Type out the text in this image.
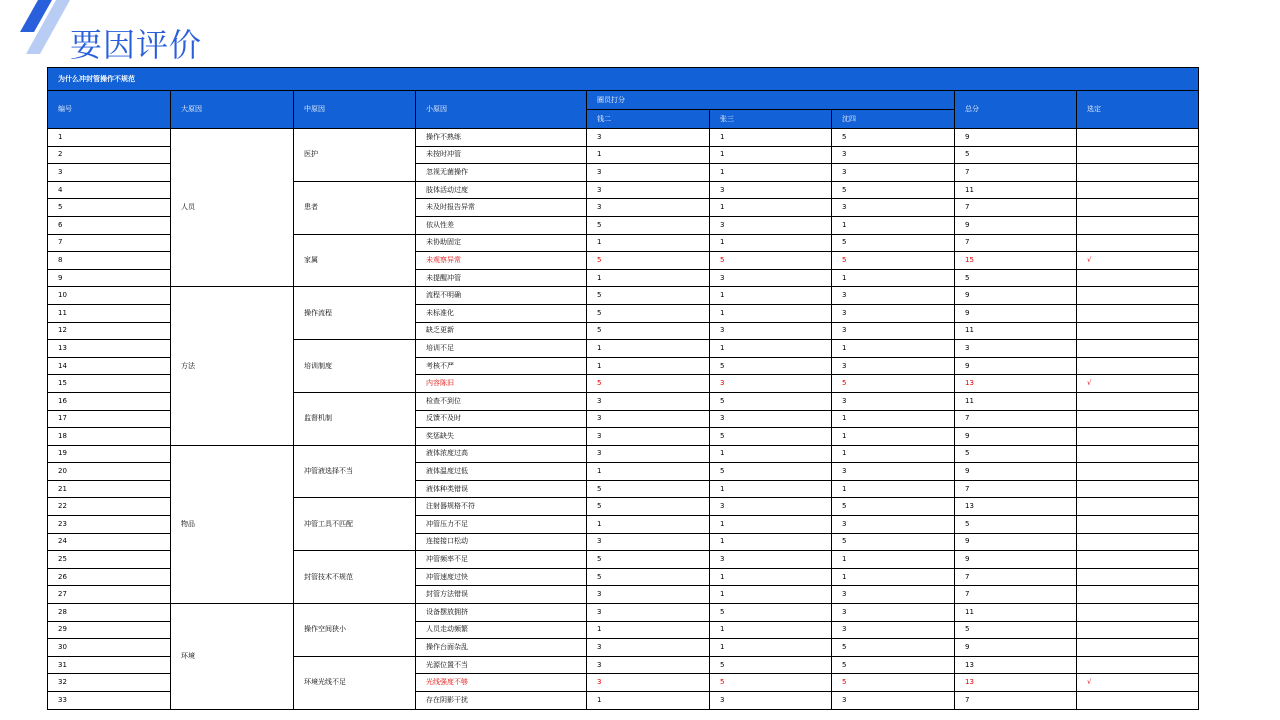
要因评价
为什么冲封管操作不规范								
编号	大原因	中原因	小原因	圈员打分			总分	选定
				钱二	张三	沈四		
1	人员	医护	操作不熟练	3	1	5	9	
2			未按时冲管	1	1	3	5	
3			忽视无菌操作	3	1	3	7	
4		患者	肢体活动过度	3	3	5	11	
5			未及时报告异常	3	1	3	7	
6			依从性差	5	3	1	9	
7		家属	未协助固定	1	1	5	7	
8			未观察异常	5	5	5	15	√
9			未提醒冲管	1	3	1	5	
10	方法	操作流程	流程不明确	5	1	3	9	
11			未标准化	5	1	3	9	
12			缺乏更新	5	3	3	11	
13		培训制度	培训不足	1	1	1	3	
14			考核不严	1	5	3	9	
15			内容陈旧	5	3	5	13	√
16		监督机制	检查不到位	3	5	3	11	
17			反馈不及时	3	3	1	7	
18			奖惩缺失	3	5	1	9	
19	物品	冲管液选择不当	液体浓度过高	3	1	1	5	
20			液体温度过低	1	5	3	9	
21			液体种类错误	5	1	1	7	
22		冲管工具不匹配	注射器规格不符	5	3	5	13	
23			冲管压力不足	1	1	3	5	
24			连接接口松动	3	1	5	9	
25		封管技术不规范	冲管频率不足	5	3	1	9	
26			冲管速度过快	5	1	1	7	
27			封管方法错误	3	1	3	7	
28	环境	操作空间狭小	设备摆放拥挤	3	5	3	11	
29			人员走动频繁	1	1	3	5	
30			操作台面杂乱	3	1	5	9	
31		环境光线不足	光源位置不当	3	5	5	13	
32			光线强度不够	3	5	5	13	√
33			存在阴影干扰	1	3	3	7	
